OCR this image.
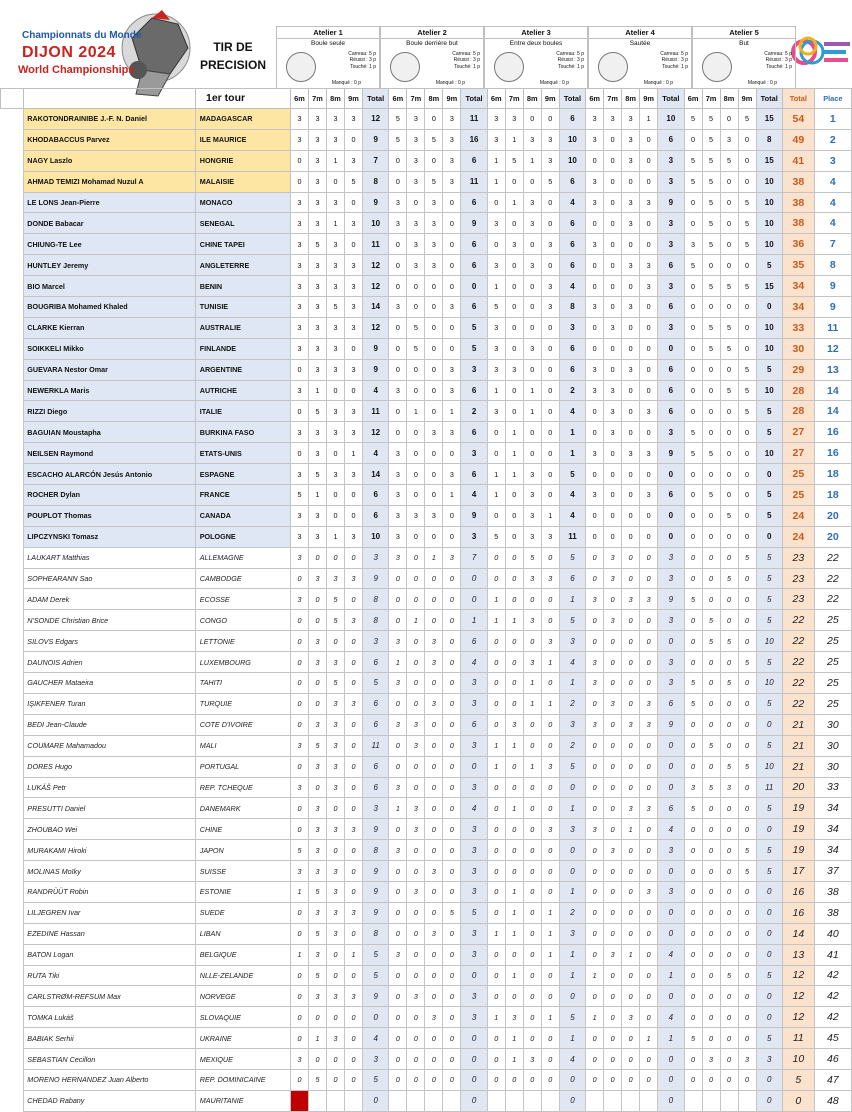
Championnats du Monde
DIJON 2024
World Championships
TIR DE
PRECISION
1er tour
Atelier 1
Boule seule
Carreau: 5 p
Réussi : 3 p
Touché: 1 p
Manqué : 0 p
Atelier 2
Boule derrière but
Carreau: 5 p
Réussi : 3 p
Touché: 1 p
Manqué : 0 p
Atelier 3
Entre deux boules
Carreau: 5 p
Réussi : 3 p
Touché: 1 p
Manqué : 0 p
Atelier 4
Sautée
Carreau: 5 p
Réussi : 3 p
Touché: 1 p
Manqué : 0 p
Atelier 5
But
Carreau: 5 p
Réussi : 3 p
Touché: 1 p
Manqué : 0 p
			6m	7m	8m	9m	Total	6m	7m	8m	9m	Total	6m	7m	8m	9m	Total	6m	7m	8m	9m	Total	6m	7m	8m	9m	Total	Total	Place
	RAKOTONDRAINIBE J.-F. N. Daniel	MADAGASCAR	3	3	3	3	12	5	3	0	3	11	3	3	0	0	6	3	3	3	1	10	5	5	0	5	15	54	1
	KHODABACCUS Parvez	ILE MAURICE	3	3	3	0	9	5	3	5	3	16	3	1	3	3	10	3	0	3	0	6	0	5	3	0	8	49	2
	NAGY Laszlo	HONGRIE	0	3	1	3	7	0	3	0	3	6	1	5	1	3	10	0	0	3	0	3	5	5	5	0	15	41	3
	AHMAD TEMIZI Mohamad Nuzul A	MALAISIE	0	3	0	5	8	0	3	5	3	11	1	0	0	5	6	3	0	0	0	3	5	5	0	0	10	38	4
	LE LONS Jean-Pierre	MONACO	3	3	3	0	9	3	0	3	0	6	0	1	3	0	4	3	0	3	3	9	0	5	0	5	10	38	4
	DONDE Babacar	SENEGAL	3	3	1	3	10	3	3	3	0	9	3	0	3	0	6	0	0	3	0	3	0	5	0	5	10	38	4
	CHIUNG-TE Lee	CHINE TAPEI	3	5	3	0	11	0	3	3	0	6	0	3	0	3	6	3	0	0	0	3	3	5	0	5	10	36	7
	HUNTLEY Jeremy	ANGLETERRE	3	3	3	3	12	0	3	3	0	6	3	0	3	0	6	0	0	3	3	6	5	0	0	0	5	35	8
	BIO Marcel	BENIN	3	3	3	3	12	0	0	0	0	0	1	0	0	3	4	0	0	0	3	3	0	5	5	5	15	34	9
	BOUGRIBA Mohamed Khaled	TUNISIE	3	3	5	3	14	3	0	0	3	6	5	0	0	3	8	3	0	3	0	6	0	0	0	0	0	34	9
	CLARKE Kierran	AUSTRALIE	3	3	3	3	12	0	5	0	0	5	3	0	0	0	3	0	3	0	0	3	0	5	5	0	10	33	11
	SOIKKELI Mikko	FINLANDE	3	3	3	0	9	0	5	0	0	5	3	0	3	0	6	0	0	0	0	0	0	5	5	0	10	30	12
	GUEVARA Nestor Omar	ARGENTINE	0	3	3	3	9	0	0	0	3	3	3	3	0	0	6	3	0	3	0	6	0	0	0	5	5	29	13
	NEWERKLA Maris	AUTRICHE	3	1	0	0	4	3	0	0	3	6	1	0	1	0	2	3	3	0	0	6	0	0	5	5	10	28	14
	RIZZI Diego	ITALIE	0	5	3	3	11	0	1	0	1	2	3	0	1	0	4	0	3	0	3	6	0	0	0	5	5	28	14
	BAGUIAN Moustapha	BURKINA FASO	3	3	3	3	12	0	0	3	3	6	0	1	0	0	1	0	3	0	0	3	5	0	0	0	5	27	16
	NEILSEN Raymond	ETATS-UNIS	0	3	0	1	4	3	0	0	0	3	0	1	0	0	1	3	0	3	3	9	5	5	0	0	10	27	16
	ESCACHO ALARCÓN Jesús Antonio	ESPAGNE	3	5	3	3	14	3	0	0	3	6	1	1	3	0	5	0	0	0	0	0	0	0	0	0	0	25	18
	ROCHER Dylan	FRANCE	5	1	0	0	6	3	0	0	1	4	1	0	3	0	4	3	0	0	3	6	0	5	0	0	5	25	18
	POUPLOT Thomas	CANADA	3	3	0	0	6	3	3	3	0	9	0	0	3	1	4	0	0	0	0	0	0	0	5	0	5	24	20
	LIPCZYNSKI Tomasz	POLOGNE	3	3	1	3	10	3	0	0	0	3	5	0	3	3	11	0	0	0	0	0	0	0	0	0	0	24	20
	LAUKART Matthias	ALLEMAGNE	3	0	0	0	3	3	0	1	3	7	0	0	5	0	5	0	3	0	0	3	0	0	0	5	5	23	22
	SOPHEARANN Sao	CAMBODGE	0	3	3	3	9	0	0	0	0	0	0	0	3	3	6	0	3	0	0	3	0	0	5	0	5	23	22
	ADAM Derek	ECOSSE	3	0	5	0	8	0	0	0	0	0	1	0	0	0	1	3	0	3	3	9	5	0	0	0	5	23	22
	N'SONDE Christian Brice	CONGO	0	0	5	3	8	0	1	0	0	1	1	1	3	0	5	0	3	0	0	3	0	5	0	0	5	22	25
	SILOVS Edgars	LETTONIE	0	3	0	0	3	3	0	3	0	6	0	0	0	3	3	0	0	0	0	0	0	5	5	0	10	22	25
	DAUNOIS Adrien	LUXEMBOURG	0	3	3	0	6	1	0	3	0	4	0	0	3	1	4	3	0	0	0	3	0	0	0	5	5	22	25
	GAUCHER Mataeira	TAHITI	0	0	5	0	5	3	0	0	0	3	0	0	1	0	1	3	0	0	0	3	5	0	5	0	10	22	25
	IŞIKFENER Turan	TURQUIE	0	0	3	3	6	0	0	3	0	3	0	0	1	1	2	0	3	0	3	6	5	0	0	0	5	22	25
	BEDI Jean-Claude	COTE D'IVOIRE	0	3	3	0	6	3	3	0	0	6	0	3	0	0	3	3	0	3	3	9	0	0	0	0	0	21	30
	COUMARE Mahamadou	MALI	3	5	3	0	11	0	3	0	0	3	1	1	0	0	2	0	0	0	0	0	0	5	0	0	5	21	30
	DORES Hugo	PORTUGAL	0	3	3	0	6	0	0	0	0	0	1	0	1	3	5	0	0	0	0	0	0	0	5	5	10	21	30
	LUKÁŠ Petr	REP. TCHEQUE	3	0	3	0	6	3	0	0	0	3	0	0	0	0	0	0	0	0	0	0	3	5	3	0	11	20	33
	PRESUTTI Daniel	DANEMARK	0	3	0	0	3	1	3	0	0	4	0	1	0	0	1	0	0	3	3	6	5	0	0	0	5	19	34
	ZHOUBAO Wei	CHINE	0	3	3	3	9	0	3	0	0	3	0	0	0	3	3	3	0	1	0	4	0	0	0	0	0	19	34
	MURAKAMI Hiroki	JAPON	5	3	0	0	8	3	0	0	0	3	0	0	0	0	0	0	3	0	0	3	0	0	0	5	5	19	34
	MOLINAS Moïky	SUISSE	3	3	3	0	9	0	0	3	0	3	0	0	0	0	0	0	0	0	0	0	0	0	0	5	5	17	37
	RANDRÜÜT Robin	ESTONIE	1	5	3	0	9	0	3	0	0	3	0	1	0	0	1	0	0	0	3	3	0	0	0	0	0	16	38
	LILJEGREN Ivar	SUEDE	0	3	3	3	9	0	0	0	5	5	0	1	0	1	2	0	0	0	0	0	0	0	0	0	0	16	38
	EZEDINE Hassan	LIBAN	0	5	3	0	8	0	0	3	0	3	1	1	0	1	3	0	0	0	0	0	0	0	0	0	0	14	40
	BATON Logan	BELGIQUE	1	3	0	1	5	3	0	0	0	3	0	0	0	1	1	0	3	1	0	4	0	0	0	0	0	13	41
	RUTA Tiki	NLLE-ZELANDE	0	5	0	0	5	0	0	0	0	0	0	1	0	0	1	1	0	0	0	1	0	0	5	0	5	12	42
	CARLSTRØM-REFSUM Max	NORVEGE	0	3	3	3	9	0	3	0	0	3	0	0	0	0	0	0	0	0	0	0	0	0	0	0	0	12	42
	TOMKA Lukáš	SLOVAQUIE	0	0	0	0	0	0	0	3	0	3	1	3	0	1	5	1	0	3	0	4	0	0	0	0	0	12	42
	BABIAK Serhii	UKRAINE	0	1	3	0	4	0	0	0	0	0	0	1	0	0	1	0	0	0	1	1	5	0	0	0	5	11	45
	SEBASTIAN Cecillon	MEXIQUE	3	0	0	0	3	0	0	0	0	0	0	1	3	0	4	0	0	0	0	0	0	3	0	3	3	10	46
	MORENO HERNANDEZ Juan Alberto	REP. DOMINICAINE	0	5	0	0	5	0	0	0	0	0	0	0	0	0	0	0	0	0	0	0	0	0	0	0	0	5	47
	CHEDAD Rabany	MAURITANIE					0					0					0					0					0	0	48
